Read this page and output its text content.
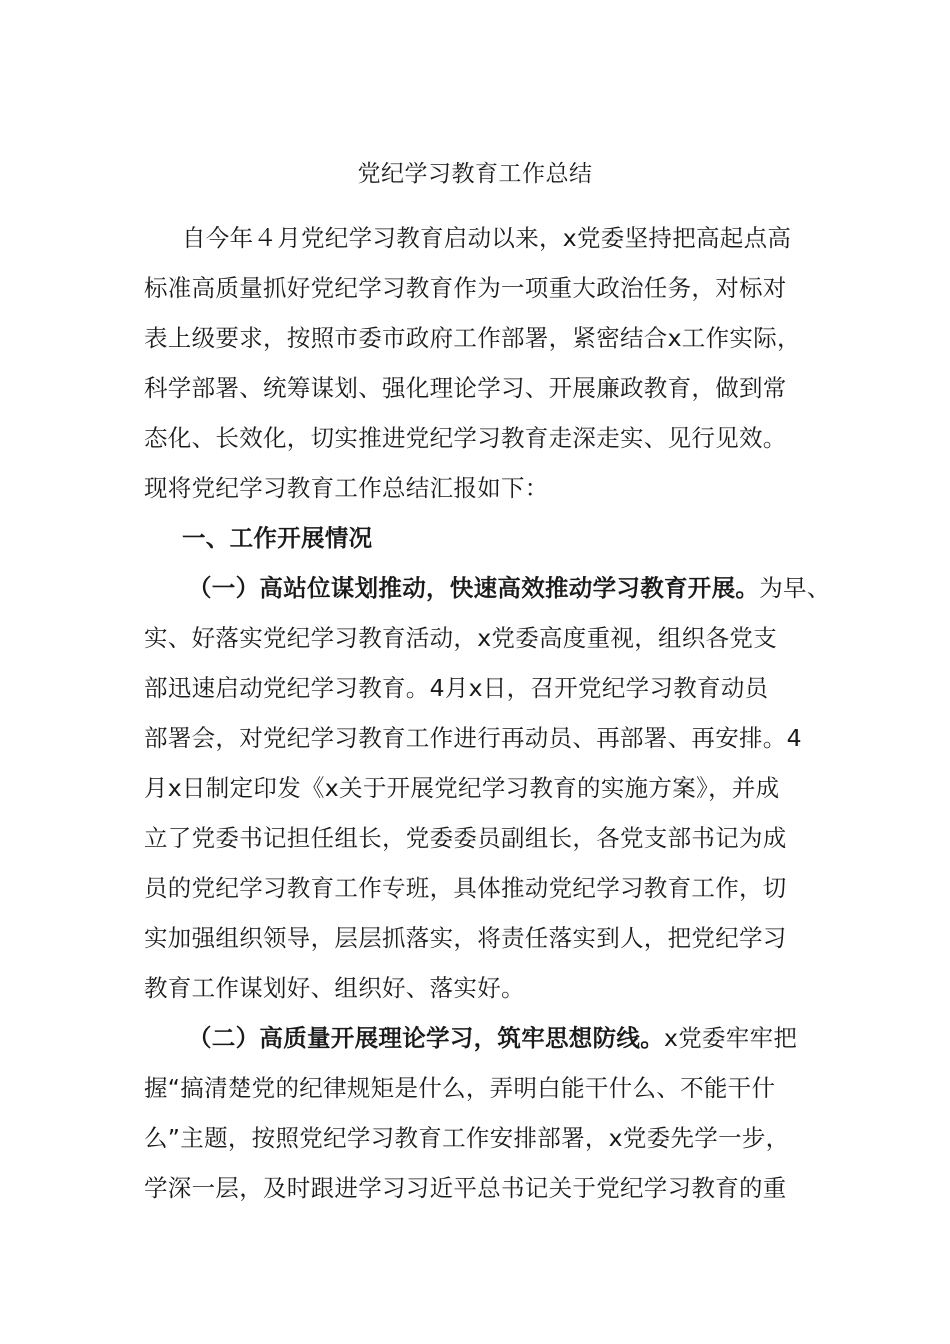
党纪学习教育工作总结
自今年４月党纪学习教育启动以来，x党委坚持把高起点高
标准高质量抓好党纪学习教育作为一项重大政治任务，对标对
表上级要求，按照市委市政府工作部署，紧密结合x工作实际，
科学部署、统筹谋划、强化理论学习、开展廉政教育，做到常
态化、长效化，切实推进党纪学习教育走深走实、见行见效。
现将党纪学习教育工作总结汇报如下：
一、工作开展情况
（一）高站位谋划推动，快速高效推动学习教育开展。为早、
实、好落实党纪学习教育活动，x党委高度重视，组织各党支
部迅速启动党纪学习教育。4月x日，召开党纪学习教育动员
部署会，对党纪学习教育工作进行再动员、再部署、再安排。4
月x日制定印发《x关于开展党纪学习教育的实施方案》，并成
立了党委书记担任组长，党委委员副组长，各党支部书记为成
员的党纪学习教育工作专班，具体推动党纪学习教育工作，切
实加强组织领导，层层抓落实，将责任落实到人，把党纪学习
教育工作谋划好、组织好、落实好。
（二）高质量开展理论学习，筑牢思想防线。x党委牢牢把
握“搞清楚党的纪律规矩是什么，弄明白能干什么、不能干什
么”主题，按照党纪学习教育工作安排部署，x党委先学一步，
学深一层，及时跟进学习习近平总书记关于党纪学习教育的重
